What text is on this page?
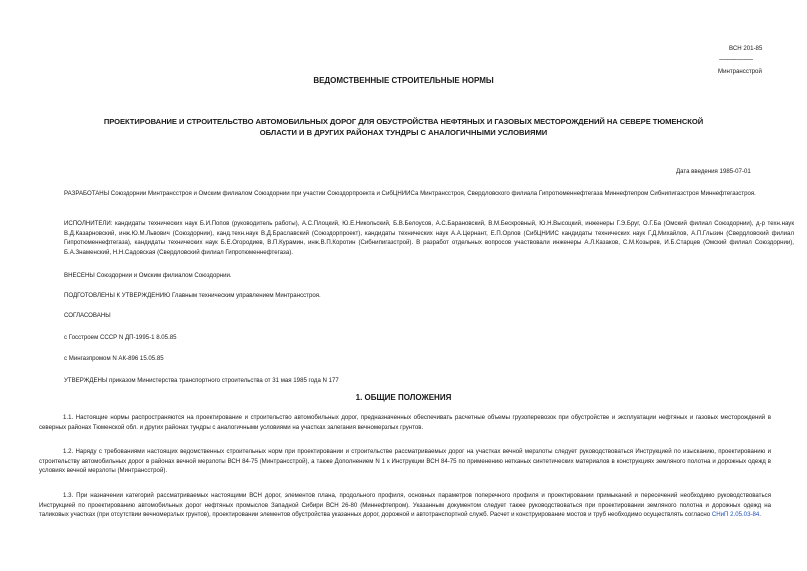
ВСН 201-85
----------------------
Минтрансстрой
ВЕДОМСТВЕННЫЕ СТРОИТЕЛЬНЫЕ НОРМЫ
ПРОЕКТИРОВАНИЕ И СТРОИТЕЛЬСТВО АВТОМОБИЛЬНЫХ ДОРОГ ДЛЯ ОБУСТРОЙСТВА НЕФТЯНЫХ И ГАЗОВЫХ МЕСТОРОЖДЕНИЙ НА СЕВЕРЕ ТЮМЕНСКОЙ
ОБЛАСТИ И В ДРУГИХ РАЙОНАХ ТУНДРЫ С АНАЛОГИЧНЫМИ УСЛОВИЯМИ
Дата введения 1985-07-01
РАЗРАБОТАНЫ Союздорнии Минтрансстроя и Омским филиалом Союздорнии при участии Союздорпроекта и СибЦНИИСа Минтрансстроя, Свердловского филиала Гипротюменнефтегаза Миннефтепром Сибнипигазстроя Миннефтегазстроя.
ИСПОЛНИТЕЛИ: кандидаты технических наук Б.И.Попов (руководитель работы), А.С.Плоцкий, Ю.Е.Никольский, Б.В.Белоусов, А.С.Барановский, В.М.Бескровный, Ю.Н.Высоцкий, инженеры Г.Э.Бруг, О.Г.Ба (Омский филиал Союздорнии), д-р техн.наук В.Д.Казарновский, инж.Ю.М.Львович (Союздорнии), канд.техн.наук В.Д.Браславский (Союздорпроект), кандидаты технических наук А.А.Цернант, Е.П.Орлов (СибЦНИИС кандидаты технических наук Г.Д.Михайлов, А.П.Глызин (Свердловский филиал Гипротюменнефтегаза), кандидаты технических наук Б.Е.Огородиев, В.П.Курамин, инж.В.П.Коротин (Сибнипигазстрой). В разработ отдельных вопросов участвовали инженеры А.Л.Казаков, С.М.Козырев, И.Б.Старцев (Омский филиал Союздорнии), Б.А.Знаменский, Н.Н.Садовская (Свердловский филиал Гипротюменнефтегаза).
ВНЕСЕНЫ Союздорнии и Омским филиалом Союздорнии.
ПОДГОТОВЛЕНЫ К УТВЕРЖДЕНИЮ Главным техническим управлением Минтрансстроя.
СОГЛАСОВАНЫ
с Госстроем СССР N ДП-1995-1 8.05.85
с Мингазпромом N АК-896 15.05.85
УТВЕРЖДЕНЫ приказом Министерства транспортного строительства от 31 мая 1985 года N 177
1. ОБЩИЕ ПОЛОЖЕНИЯ
1.1. Настоящие нормы распространяются на проектирование и строительство автомобильных дорог, предназначенных обеспечивать расчетные объемы грузоперевозок при обустройстве и эксплуатации нефтяных и газовых месторождений в северных районах Тюменской обл. и других районах тундры с аналогичными условиями на участках залегания вечномерзлых грунтов.
1.2. Наряду с требованиями настоящих ведомственных строительных норм при проектировании и строительстве рассматриваемых дорог на участках вечной мерзлоты следует руководствоваться Инструкцией по изысканию, проектированию и строительству автомобильных дорог в районах вечной мерзлоты ВСН 84-75 (Минтрансстрой), а также Дополнением N 1 к Инструкции ВСН 84-75 по применению нетканых синтетических материалов в конструкциях земляного полотна и дорожных одежд в условиях вечной мерзлоты (Минтрансстрой).
1.3. При назначении категорий рассматриваемых настоящими ВСН дорог, элементов плана, продольного профиля, основных параметров поперечного профиля и проектировании примыканий и пересечений необходимо руководствоваться Инструкцией по проектированию автомобильных дорог нефтяных промыслов Западной Сибири ВСН 26-80 (Миннефтепром). Указанным документом следует также руководствоваться при проектировании земляного полотна и дорожных одежд на таликовых участках (при отсутствии вечномерзлых грунтов), проектировании элементов обустройства указанных дорог, дорожной и автотранспортной служб. Расчет и конструирование мостов и труб необходимо осуществлять согласно СНиП 2.05.03-84.
